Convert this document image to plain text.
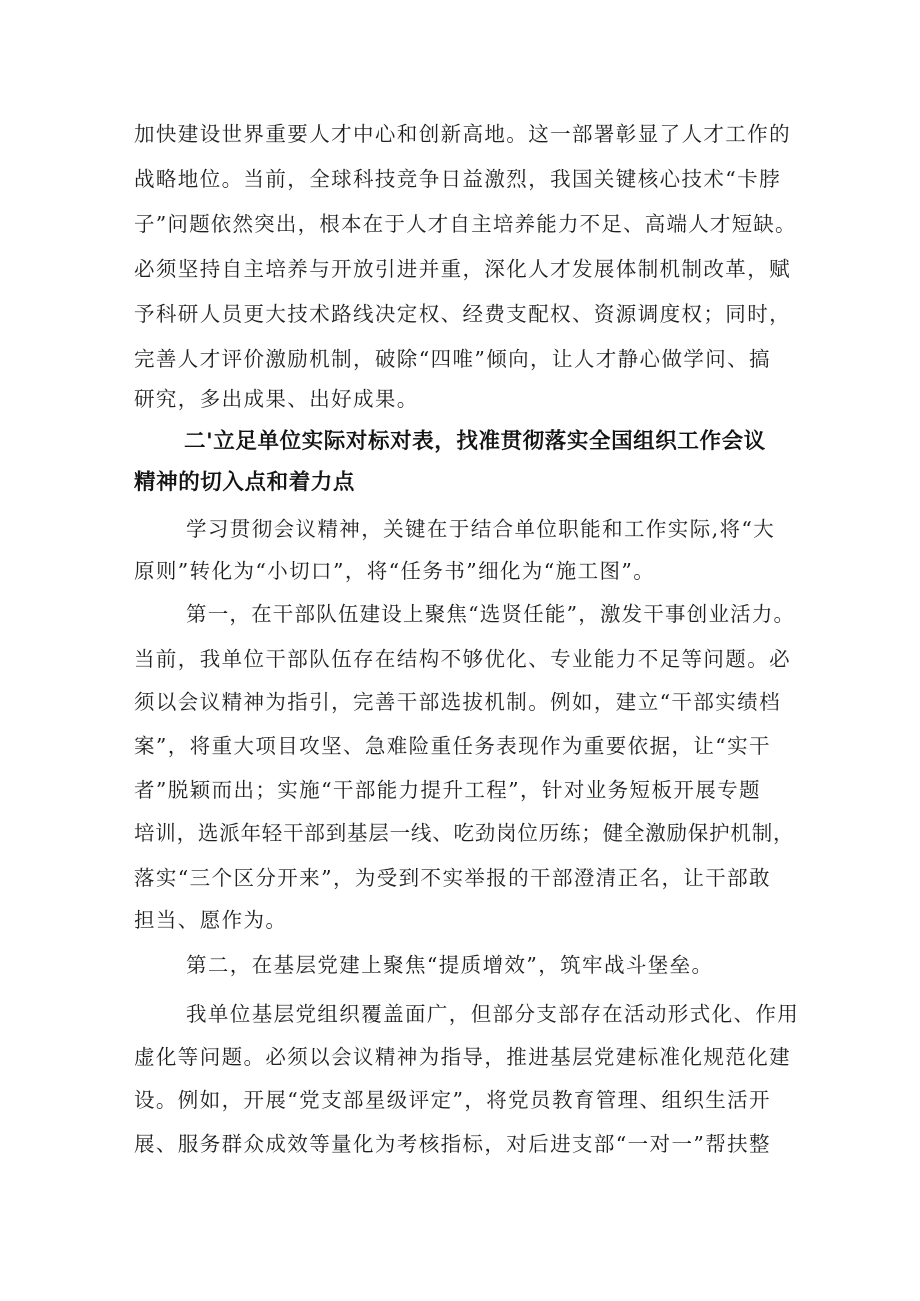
加快建设世界重要人才中心和创新高地。这一部署彰显了人才工作的
战略地位。当前，全球科技竞争日益激烈，我国关键核心技术“卡脖
子”问题依然突出，根本在于人才自主培养能力不足、高端人才短缺。
必须坚持自主培养与开放引进并重，深化人才发展体制机制改革，赋
予科研人员更大技术路线决定权、经费支配权、资源调度权；同时，
完善人才评价激励机制，破除“四唯”倾向，让人才静心做学问、搞
研究，多出成果、出好成果。
二'立足单位实际对标对表，找准贯彻落实全国组织工作会议
精神的切入点和着力点
学习贯彻会议精神，关键在于结合单位职能和工作实际,将“大
原则”转化为“小切口”，将“任务书”细化为“施工图”。
第一，在干部队伍建设上聚焦“选贤任能”，激发干事创业活力。
当前，我单位干部队伍存在结构不够优化、专业能力不足等问题。必
须以会议精神为指引，完善干部选拔机制。例如，建立“干部实绩档
案”，将重大项目攻坚、急难险重任务表现作为重要依据，让“实干
者”脱颖而出；实施“干部能力提升工程”，针对业务短板开展专题
培训，选派年轻干部到基层一线、吃劲岗位历练；健全激励保护机制，
落实“三个区分开来”，为受到不实举报的干部澄清正名，让干部敢
担当、愿作为。
第二，在基层党建上聚焦“提质增效”，筑牢战斗堡垒。
我单位基层党组织覆盖面广，但部分支部存在活动形式化、作用
虚化等问题。必须以会议精神为指导，推进基层党建标准化规范化建
设。例如，开展“党支部星级评定”，将党员教育管理、组织生活开
展、服务群众成效等量化为考核指标，对后进支部“一对一”帮扶整
